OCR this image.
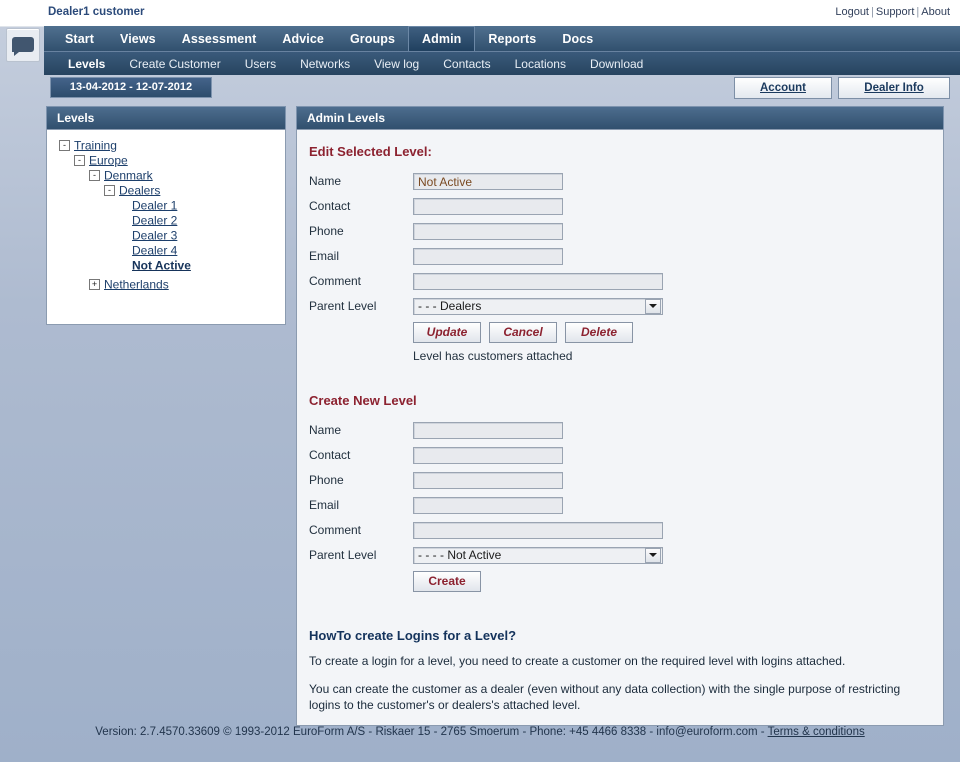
Dealer1 customer	Logout | Support | About
Start	Views	Assessment	Advice	Groups	Admin	Reports	Docs
Levels	Create Customer	Users	Networks	View log	Contacts	Locations	Download
13-04-2012 - 12-07-2012	Account	Dealer Info
Levels
- Training
- Europe
- Denmark
- Dealers
Dealer 1
Dealer 2
Dealer 3
Dealer 4
Not Active
+ Netherlands
Admin Levels
Edit Selected Level:
Name	Not Active
Contact
Phone
Email
Comment
Parent Level	- - - Dealers
Update	Cancel	Delete
Level has customers attached
Create New Level
Name
Contact
Phone
Email
Comment
Parent Level	- - - - Not Active
Create
HowTo create Logins for a Level?
To create a login for a level, you need to create a customer on the required level with logins attached.
You can create the customer as a dealer (even without any data collection) with the single purpose of restricting logins to the customer's or dealers's attached level.
Version: 2.7.4570.33609 © 1993-2012 EuroForm A/S - Riskaer 15 - 2765 Smoerum - Phone: +45 4466 8338 - info@euroform.com - Terms & conditions
